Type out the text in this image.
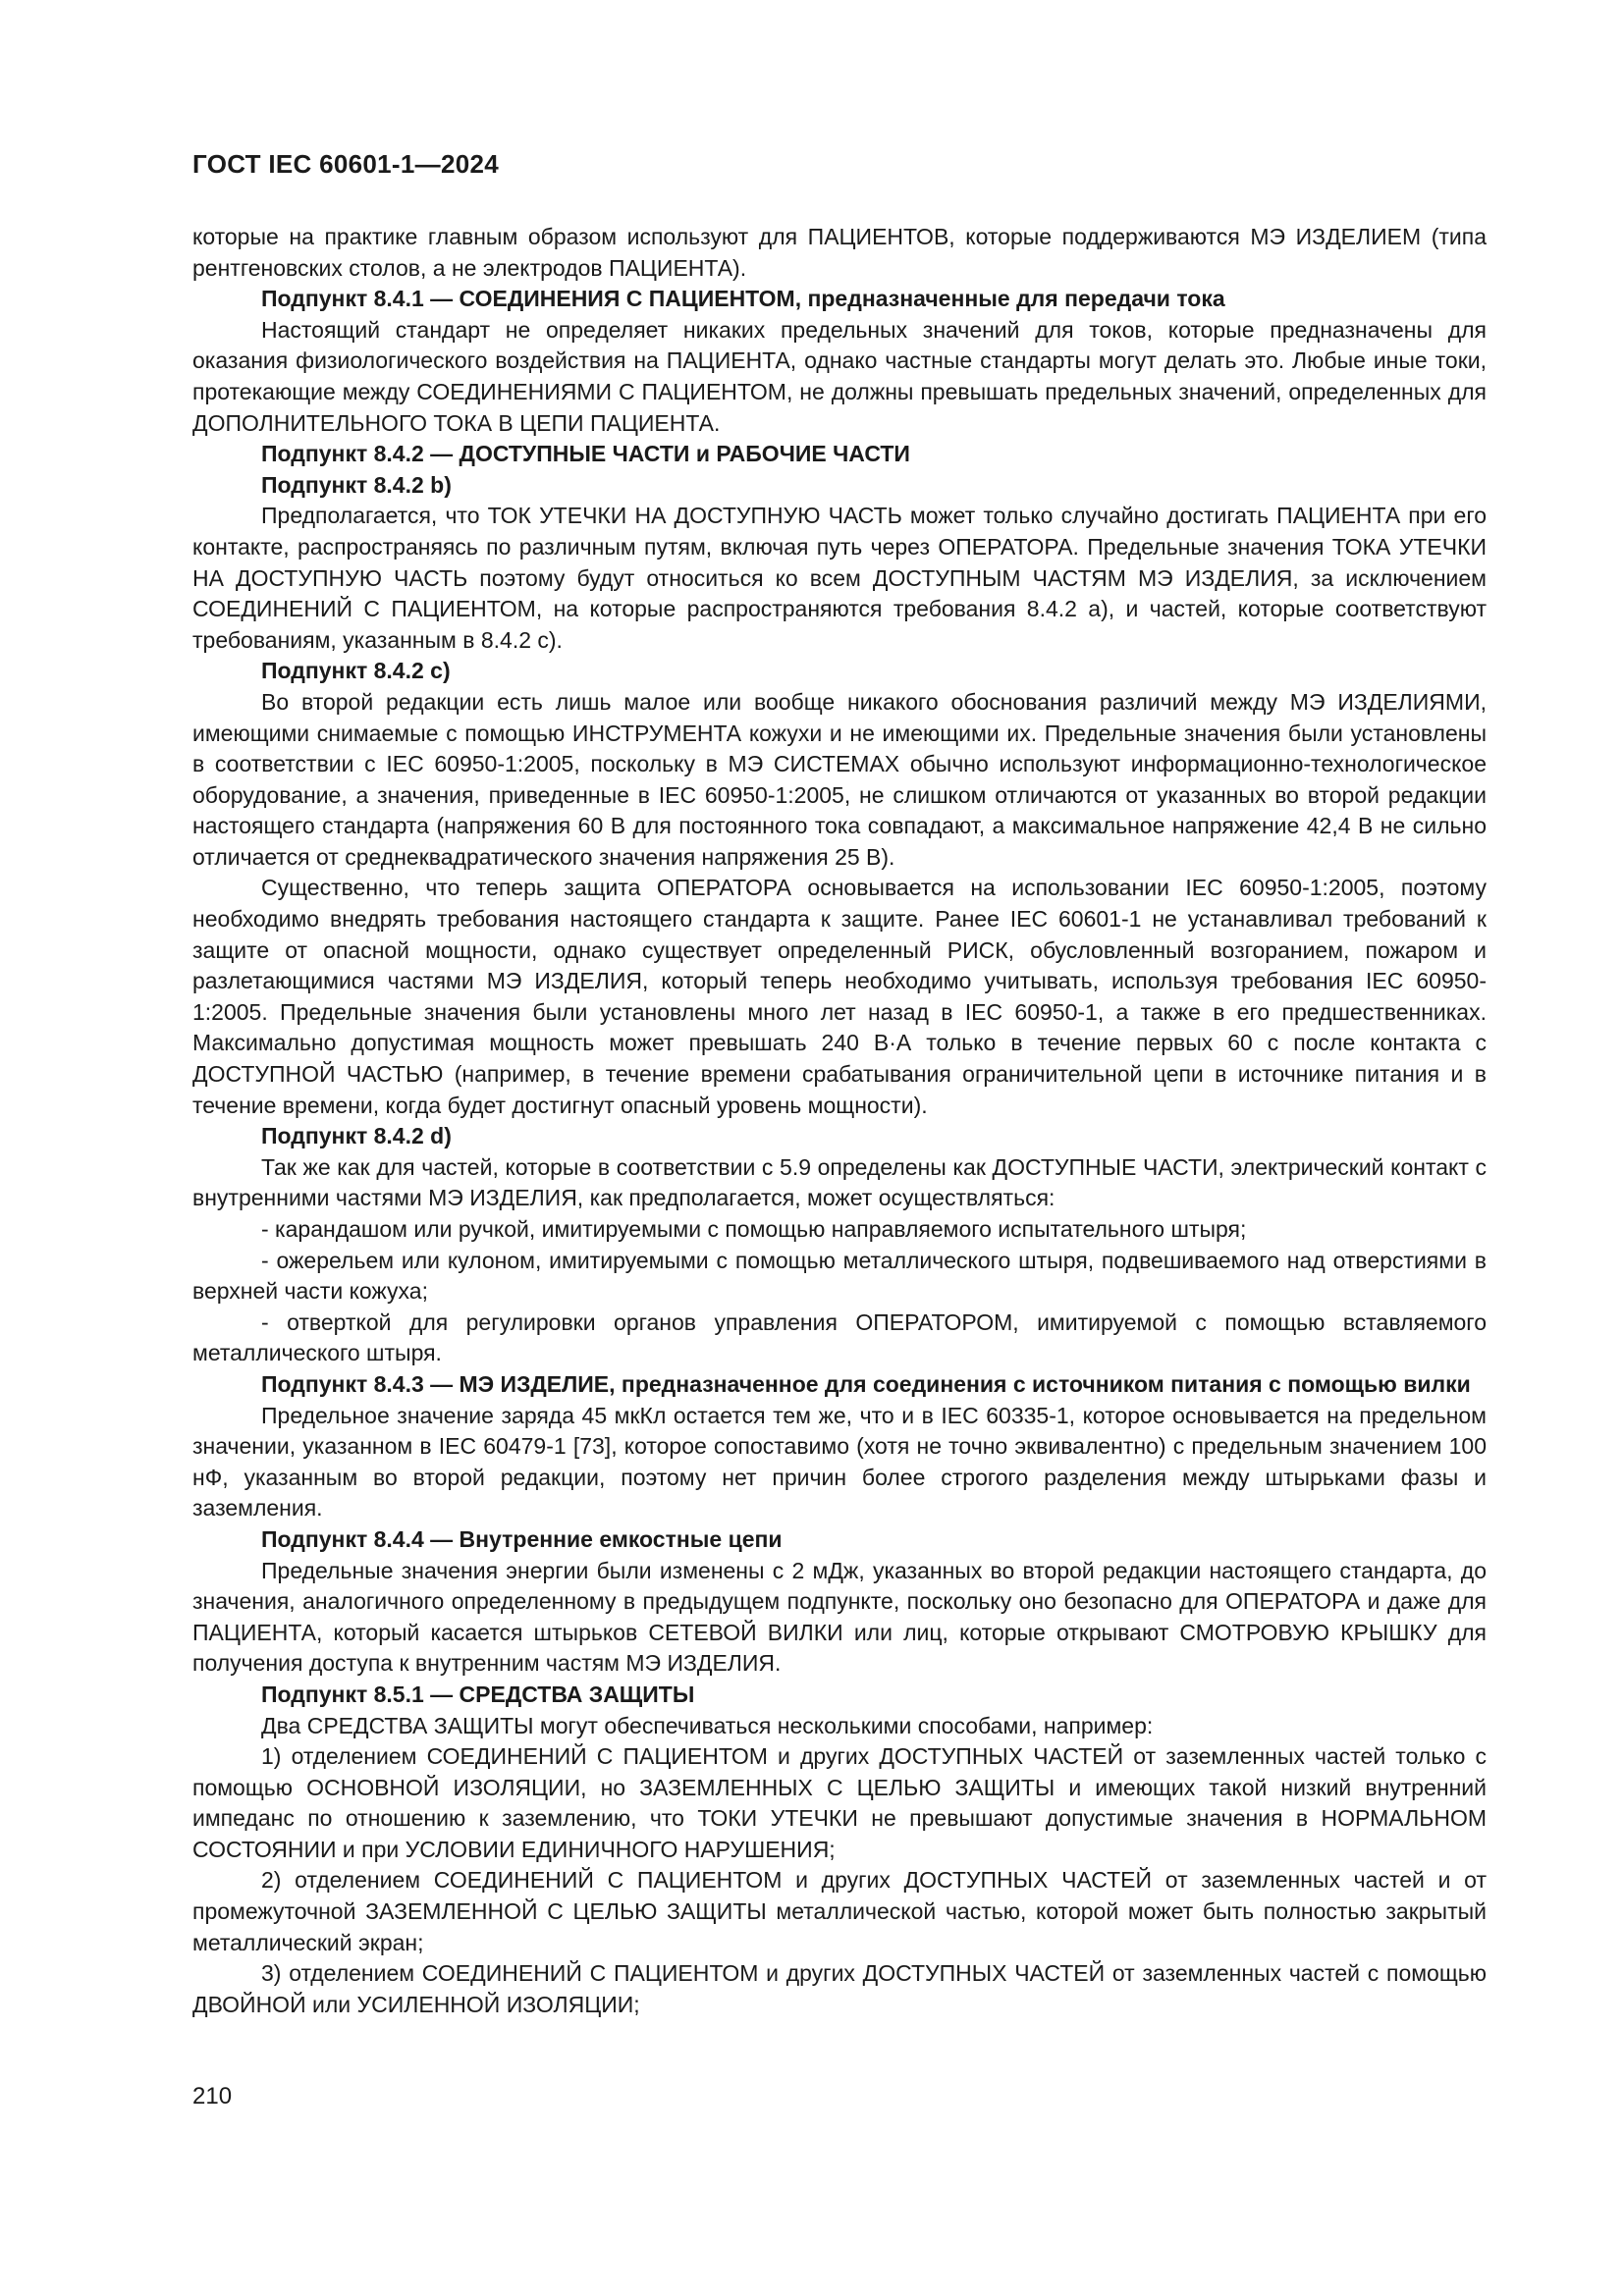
ГОСТ IEC 60601-1—2024

которые на практике главным образом используют для ПАЦИЕНТОВ, которые поддерживаются МЭ ИЗДЕЛИЕМ (типа рентгеновских столов, а не электродов ПАЦИЕНТА).

Подпункт 8.4.1 — СОЕДИНЕНИЯ С ПАЦИЕНТОМ, предназначенные для передачи тока

Настоящий стандарт не определяет никаких предельных значений для токов, которые предназначены для оказания физиологического воздействия на ПАЦИЕНТА, однако частные стандарты могут делать это. Любые иные токи, протекающие между СОЕДИНЕНИЯМИ С ПАЦИЕНТОМ, не должны превышать предельных значений, определенных для ДОПОЛНИТЕЛЬНОГО ТОКА В ЦЕПИ ПАЦИЕНТА.

Подпункт 8.4.2 — ДОСТУПНЫЕ ЧАСТИ и РАБОЧИЕ ЧАСТИ

Подпункт 8.4.2 b)

Предполагается, что ТОК УТЕЧКИ НА ДОСТУПНУЮ ЧАСТЬ может только случайно достигать ПАЦИЕНТА при его контакте, распространяясь по различным путям, включая путь через ОПЕРАТОРА. Предельные значения ТОКА УТЕЧКИ НА ДОСТУПНУЮ ЧАСТЬ поэтому будут относиться ко всем ДОСТУПНЫМ ЧАСТЯМ МЭ ИЗДЕЛИЯ, за исключением СОЕДИНЕНИЙ С ПАЦИЕНТОМ, на которые распространяются требования 8.4.2 а), и частей, которые соответствуют требованиям, указанным в 8.4.2 с).

Подпункт 8.4.2 c)

Во второй редакции есть лишь малое или вообще никакого обоснования различий между МЭ ИЗДЕЛИЯМИ, имеющими снимаемые с помощью ИНСТРУМЕНТА кожухи и не имеющими их. Предельные значения были установлены в соответствии с IEC 60950-1:2005, поскольку в МЭ СИСТЕМАХ обычно используют информационно-технологическое оборудование, а значения, приведенные в IEC 60950-1:2005, не слишком отличаются от указанных во второй редакции настоящего стандарта (напряжения 60 В для постоянного тока совпадают, а максимальное напряжение 42,4 В не сильно отличается от среднеквадратического значения напряжения 25 В).

Существенно, что теперь защита ОПЕРАТОРА основывается на использовании IEC 60950-1:2005, поэтому необходимо внедрять требования настоящего стандарта к защите. Ранее IEC 60601-1 не устанавливал требований к защите от опасной мощности, однако существует определенный РИСК, обусловленный возгоранием, пожаром и разлетающимися частями МЭ ИЗДЕЛИЯ, который теперь необходимо учитывать, используя требования IEC 60950-1:2005. Предельные значения были установлены много лет назад в IEC 60950-1, а также в его предшественниках. Максимально допустимая мощность может превышать 240 В·А только в течение первых 60 с после контакта с ДОСТУПНОЙ ЧАСТЬЮ (например, в течение времени срабатывания ограничительной цепи в источнике питания и в течение времени, когда будет достигнут опасный уровень мощности).

Подпункт 8.4.2 d)

Так же как для частей, которые в соответствии с 5.9 определены как ДОСТУПНЫЕ ЧАСТИ, электрический контакт с внутренними частями МЭ ИЗДЕЛИЯ, как предполагается, может осуществляться:

- карандашом или ручкой, имитируемыми с помощью направляемого испытательного штыря;

- ожерельем или кулоном, имитируемыми с помощью металлического штыря, подвешиваемого над отверстиями в верхней части кожуха;

- отверткой для регулировки органов управления ОПЕРАТОРОМ, имитируемой с помощью вставляемого металлического штыря.

Подпункт 8.4.3 — МЭ ИЗДЕЛИЕ, предназначенное для соединения с источником питания с помощью вилки

Предельное значение заряда 45 мкКл остается тем же, что и в IEC 60335-1, которое основывается на предельном значении, указанном в IEC 60479-1 [73], которое сопоставимо (хотя не точно эквивалентно) с предельным значением 100 нФ, указанным во второй редакции, поэтому нет причин более строгого разделения между штырьками фазы и заземления.

Подпункт 8.4.4 — Внутренние емкостные цепи

Предельные значения энергии были изменены с 2 мДж, указанных во второй редакции настоящего стандарта, до значения, аналогичного определенному в предыдущем подпункте, поскольку оно безопасно для ОПЕРАТОРА и даже для ПАЦИЕНТА, который касается штырьков СЕТЕВОЙ ВИЛКИ или лиц, которые открывают СМОТРОВУЮ КРЫШКУ для получения доступа к внутренним частям МЭ ИЗДЕЛИЯ.

Подпункт 8.5.1 — СРЕДСТВА ЗАЩИТЫ

Два СРЕДСТВА ЗАЩИТЫ могут обеспечиваться несколькими способами, например:

1) отделением СОЕДИНЕНИЙ С ПАЦИЕНТОМ и других ДОСТУПНЫХ ЧАСТЕЙ от заземленных частей только с помощью ОСНОВНОЙ ИЗОЛЯЦИИ, но ЗАЗЕМЛЕННЫХ С ЦЕЛЬЮ ЗАЩИТЫ и имеющих такой низкий внутренний импеданс по отношению к заземлению, что ТОКИ УТЕЧКИ не превышают допустимые значения в НОРМАЛЬНОМ СОСТОЯНИИ и при УСЛОВИИ ЕДИНИЧНОГО НАРУШЕНИЯ;

2) отделением СОЕДИНЕНИЙ С ПАЦИЕНТОМ и других ДОСТУПНЫХ ЧАСТЕЙ от заземленных частей и от промежуточной ЗАЗЕМЛЕННОЙ С ЦЕЛЬЮ ЗАЩИТЫ металлической частью, которой может быть полностью закрытый металлический экран;

3) отделением СОЕДИНЕНИЙ С ПАЦИЕНТОМ и других ДОСТУПНЫХ ЧАСТЕЙ от заземленных частей с помощью ДВОЙНОЙ или УСИЛЕННОЙ ИЗОЛЯЦИИ;

210
